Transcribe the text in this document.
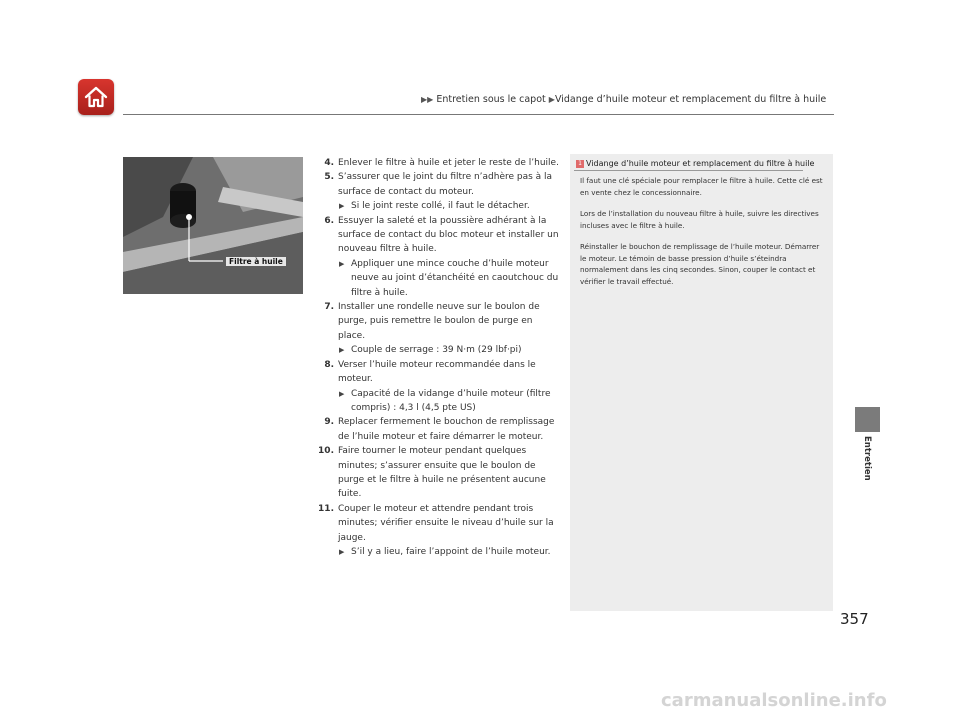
▶▶ Entretien sous le capot ▶Vidange d’huile moteur et remplacement du filtre à huile
Filtre à huile
4. Enlever le filtre à huile et jeter le reste de l’huile.
5. S’assurer que le joint du filtre n’adhère pas à la surface de contact du moteur.
▶ Si le joint reste collé, il faut le détacher.
6. Essuyer la saleté et la poussière adhérant à la surface de contact du bloc moteur et installer un nouveau filtre à huile.
▶ Appliquer une mince couche d’huile moteur neuve au joint d’étanchéité en caoutchouc du filtre à huile.
7. Installer une rondelle neuve sur le boulon de purge, puis remettre le boulon de purge en place.
▶ Couple de serrage : 39 N·m (29 lbf·pi)
8. Verser l’huile moteur recommandée dans le moteur.
▶ Capacité de la vidange d’huile moteur (filtre compris) : 4,3 l (4,5 pte US)
9. Replacer fermement le bouchon de remplissage de l’huile moteur et faire démarrer le moteur.
10. Faire tourner le moteur pendant quelques minutes; s’assurer ensuite que le boulon de purge et le filtre à huile ne présentent aucune fuite.
11. Couper le moteur et attendre pendant trois minutes; vérifier ensuite le niveau d’huile sur la jauge.
▶ S’il y a lieu, faire l’appoint de l’huile moteur.
1 Vidange d’huile moteur et remplacement du filtre à huile

Il faut une clé spéciale pour remplacer le filtre à huile. Cette clé est en vente chez le concessionnaire.

Lors de l’installation du nouveau filtre à huile, suivre les directives incluses avec le filtre à huile.

Réinstaller le bouchon de remplissage de l’huile moteur. Démarrer le moteur. Le témoin de basse pression d’huile s’éteindra normalement dans les cinq secondes. Sinon, couper le contact et vérifier le travail effectué.

Entretien
357
carmanualsonline.info
